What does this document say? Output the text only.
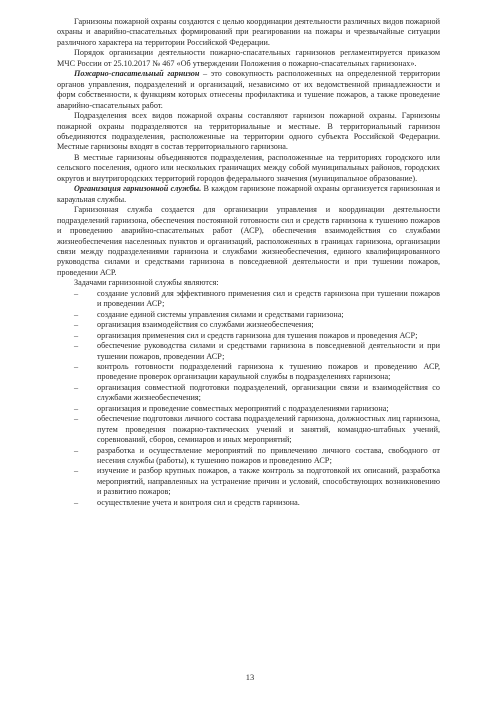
Гарнизоны пожарной охраны создаются с целью координации деятельности различных видов пожарной охраны и аварийно-спасательных формирований при реагировании на пожары и чрезвычайные ситуации различного характера на территории Российской Федерации.

Порядок организации деятельности пожарно-спасательных гарнизонов регламентируется приказом МЧС России от 25.10.2017 № 467 «Об утверждении Положения о пожарно-спасательных гарнизонах».

Пожарно-спасательный гарнизон – это совокупность расположенных на определенной территории органов управления, подразделений и организаций, независимо от их ведомственной принадлежности и форм собственности, к функциям которых отнесены профилактика и тушение пожаров, а также проведение аварийно-спасательных работ.

Подразделения всех видов пожарной охраны составляют гарнизон пожарной охраны. Гарнизоны пожарной охраны подразделяются на территориальные и местные. В территориальный гарнизон объединяются подразделения, расположенные на территории одного субъекта Российской Федерации. Местные гарнизоны входят в состав территориального гарнизона.

В местные гарнизоны объединяются подразделения, расположенные на территориях городского или сельского поселения, одного или нескольких граничащих между собой муниципальных районов, городских округов и внутригородских территорий городов федерального значения (муниципальное образование).

Организация гарнизонной службы. В каждом гарнизоне пожарной охраны организуется гарнизонная и караульная службы.

Гарнизонная служба создается для организации управления и координации деятельности подразделений гарнизона, обеспечения постоянной готовности сил и средств гарнизона к тушению пожаров и проведению аварийно-спасательных работ (АСР), обеспечения взаимодействия со службами жизнеобеспечения населенных пунктов и организаций, расположенных в границах гарнизона, организации связи между подразделениями гарнизона и службами жизнеобеспечения, единого квалифицированного руководства силами и средствами гарнизона в повседневной деятельности и при тушении пожаров, проведении АСР.

Задачами гарнизонной службы являются:

– создание условий для эффективного применения сил и средств гарнизона при тушении пожаров и проведении АСР;
– создание единой системы управления силами и средствами гарнизона;
– организация взаимодействия со службами жизнеобеспечения;
– организация применения сил и средств гарнизона для тушения пожаров и проведения АСР;
– обеспечение руководства силами и средствами гарнизона в повседневной деятельности и при тушении пожаров, проведении АСР;
– контроль готовности подразделений гарнизона к тушению пожаров и проведению АСР, проведение проверок организации караульной службы в подразделениях гарнизона;
– организация совместной подготовки подразделений, организации связи и взаимодействия со службами жизнеобеспечения;
– организация и проведение совместных мероприятий с подразделениями гарнизона;
– обеспечение подготовки личного состава подразделений гарнизона, должностных лиц гарнизона, путем проведения пожарно-тактических учений и занятий, командно-штабных учений, соревнований, сборов, семинаров и иных мероприятий;
– разработка и осуществление мероприятий по привлечению личного состава, свободного от несения службы (работы), к тушению пожаров и проведению АСР;
– изучение и разбор крупных пожаров, а также контроль за подготовкой их описаний, разработка мероприятий, направленных на устранение причин и условий, способствующих возникновению и развитию пожаров;
– осуществление учета и контроля сил и средств гарнизона.
13
